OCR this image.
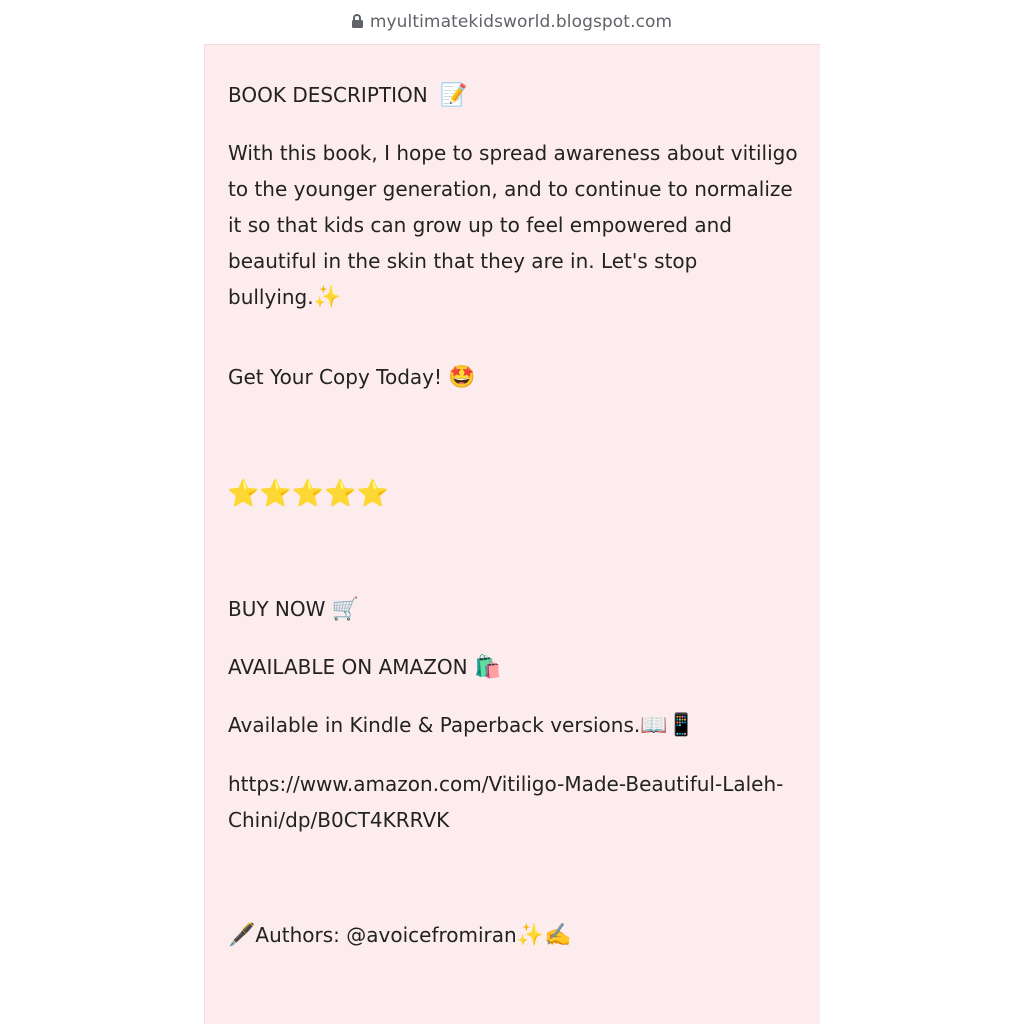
myultimatekidsworld.blogspot.com
BOOK DESCRIPTION 📝
With this book, I hope to spread awareness about vitiligo to the younger generation, and to continue to normalize it so that kids can grow up to feel empowered and beautiful in the skin that they are in. Let's stop bullying.✨
Get Your Copy Today! 🤩
⭐⭐⭐⭐⭐
BUY NOW 🛒
AVAILABLE ON AMAZON 🛍️
Available in Kindle & Paperback versions.📖📱
https://www.amazon.com/Vitiligo-Made-Beautiful-Laleh-
Chini/dp/B0CT4KRRVK
🖋️Authors: @avoicefromiran✨✍️
